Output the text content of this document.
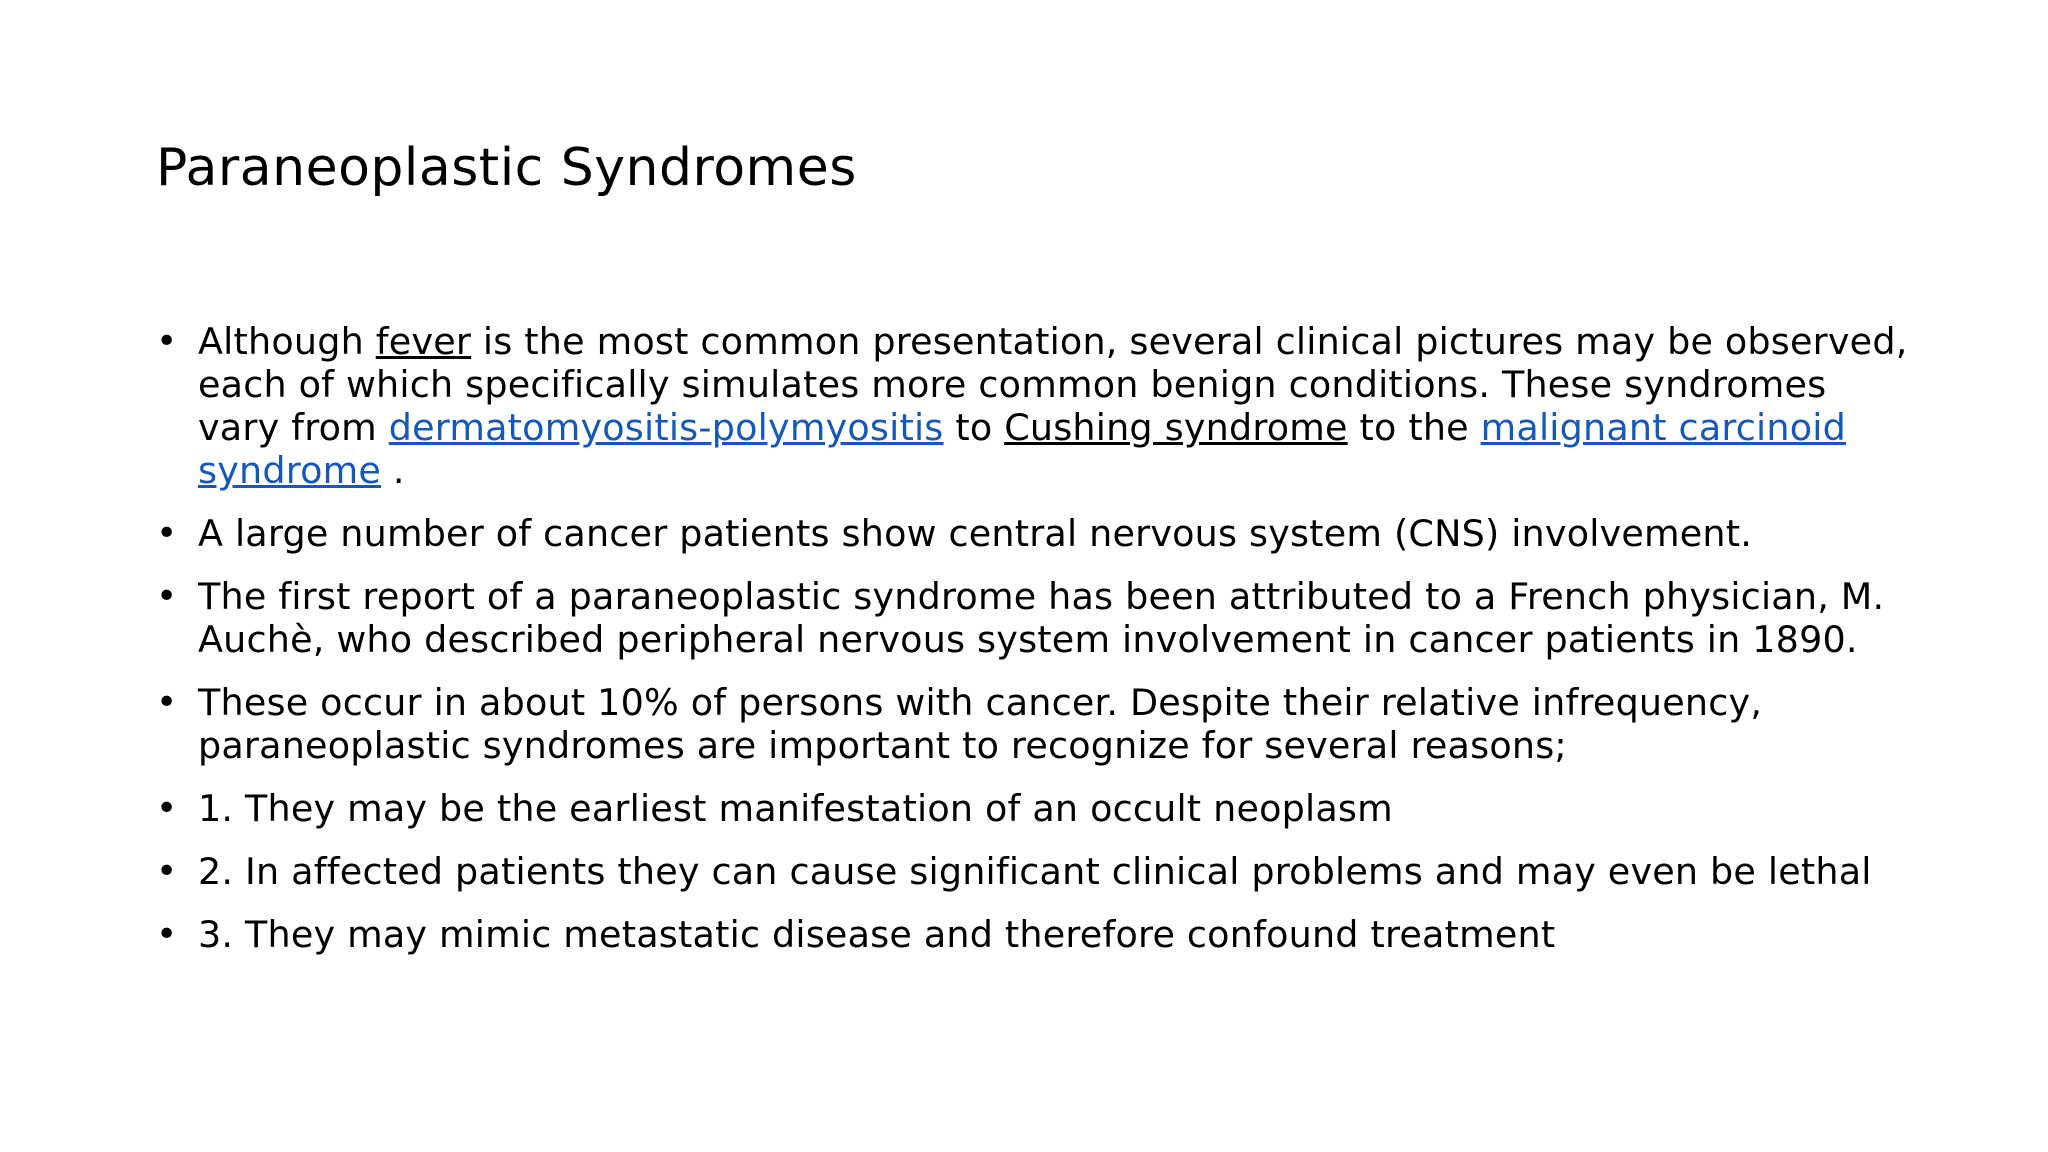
Paraneoplastic Syndromes
• Although fever is the most common presentation, several clinical pictures may be observed, each of which specifically simulates more common benign conditions. These syndromes vary from dermatomyositis-polymyositis to Cushing syndrome to the malignant carcinoid syndrome .
• A large number of cancer patients show central nervous system (CNS) involvement.
• The first report of a paraneoplastic syndrome has been attributed to a French physician, M. Auchè, who described peripheral nervous system involvement in cancer patients in 1890.
• These occur in about 10% of persons with cancer. Despite their relative infrequency, paraneoplastic syndromes are important to recognize for several reasons;
• 1. They may be the earliest manifestation of an occult neoplasm
• 2. In affected patients they can cause significant clinical problems and may even be lethal
• 3. They may mimic metastatic disease and therefore confound treatment
